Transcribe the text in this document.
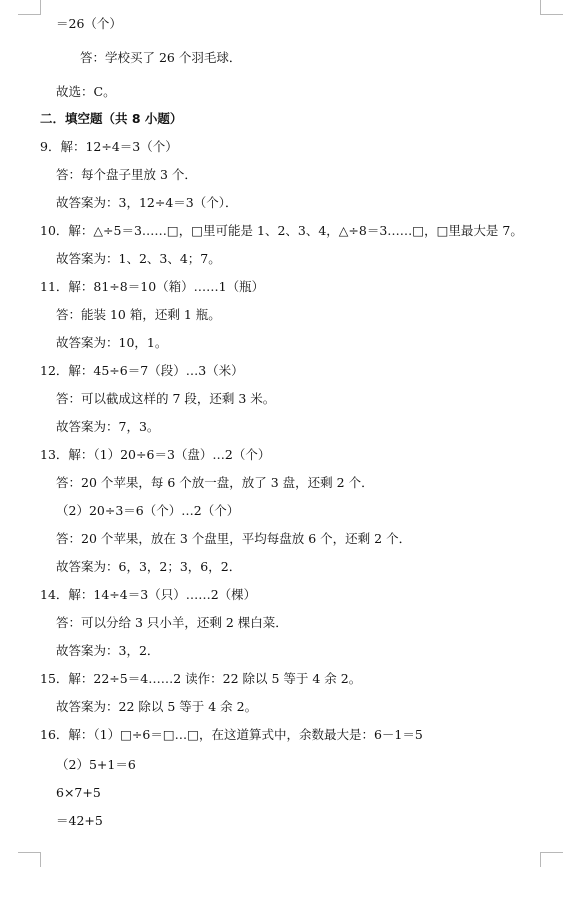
＝26（个）
答：学校买了 26 个羽毛球．
故选：C。
二．填空题（共 8 小题）
9．解：12÷4＝3（个）
答：每个盘子里放 3 个．
故答案为：3，12÷4＝3（个）．
10．解：△÷5＝3……□，□里可能是 1、2、3、4，△÷8＝3……□，□里最大是 7。
故答案为：1、2、3、4；7。
11．解：81÷8＝10（箱）……1（瓶）
答：能装 10 箱，还剩 1 瓶。
故答案为：10，1。
12．解：45÷6＝7（段）…3（米）
答：可以截成这样的 7 段，还剩 3 米。
故答案为：7，3。
13．解：（1）20÷6＝3（盘）…2（个）
答：20 个苹果，每 6 个放一盘，放了 3 盘，还剩 2 个．
（2）20÷3＝6（个）…2（个）
答：20 个苹果，放在 3 个盘里，平均每盘放 6 个，还剩 2 个．
故答案为：6，3，2；3，6，2．
14．解：14÷4＝3（只）……2（棵）
答：可以分给 3 只小羊，还剩 2 棵白菜．
故答案为：3，2．
15．解：22÷5＝4……2 读作：22 除以 5 等于 4 余 2。
故答案为：22 除以 5 等于 4 余 2。
16．解：（1）□÷6＝□…□，在这道算式中，余数最大是：6－1＝5
（2）5+1＝6
6×7+5
＝42+5
